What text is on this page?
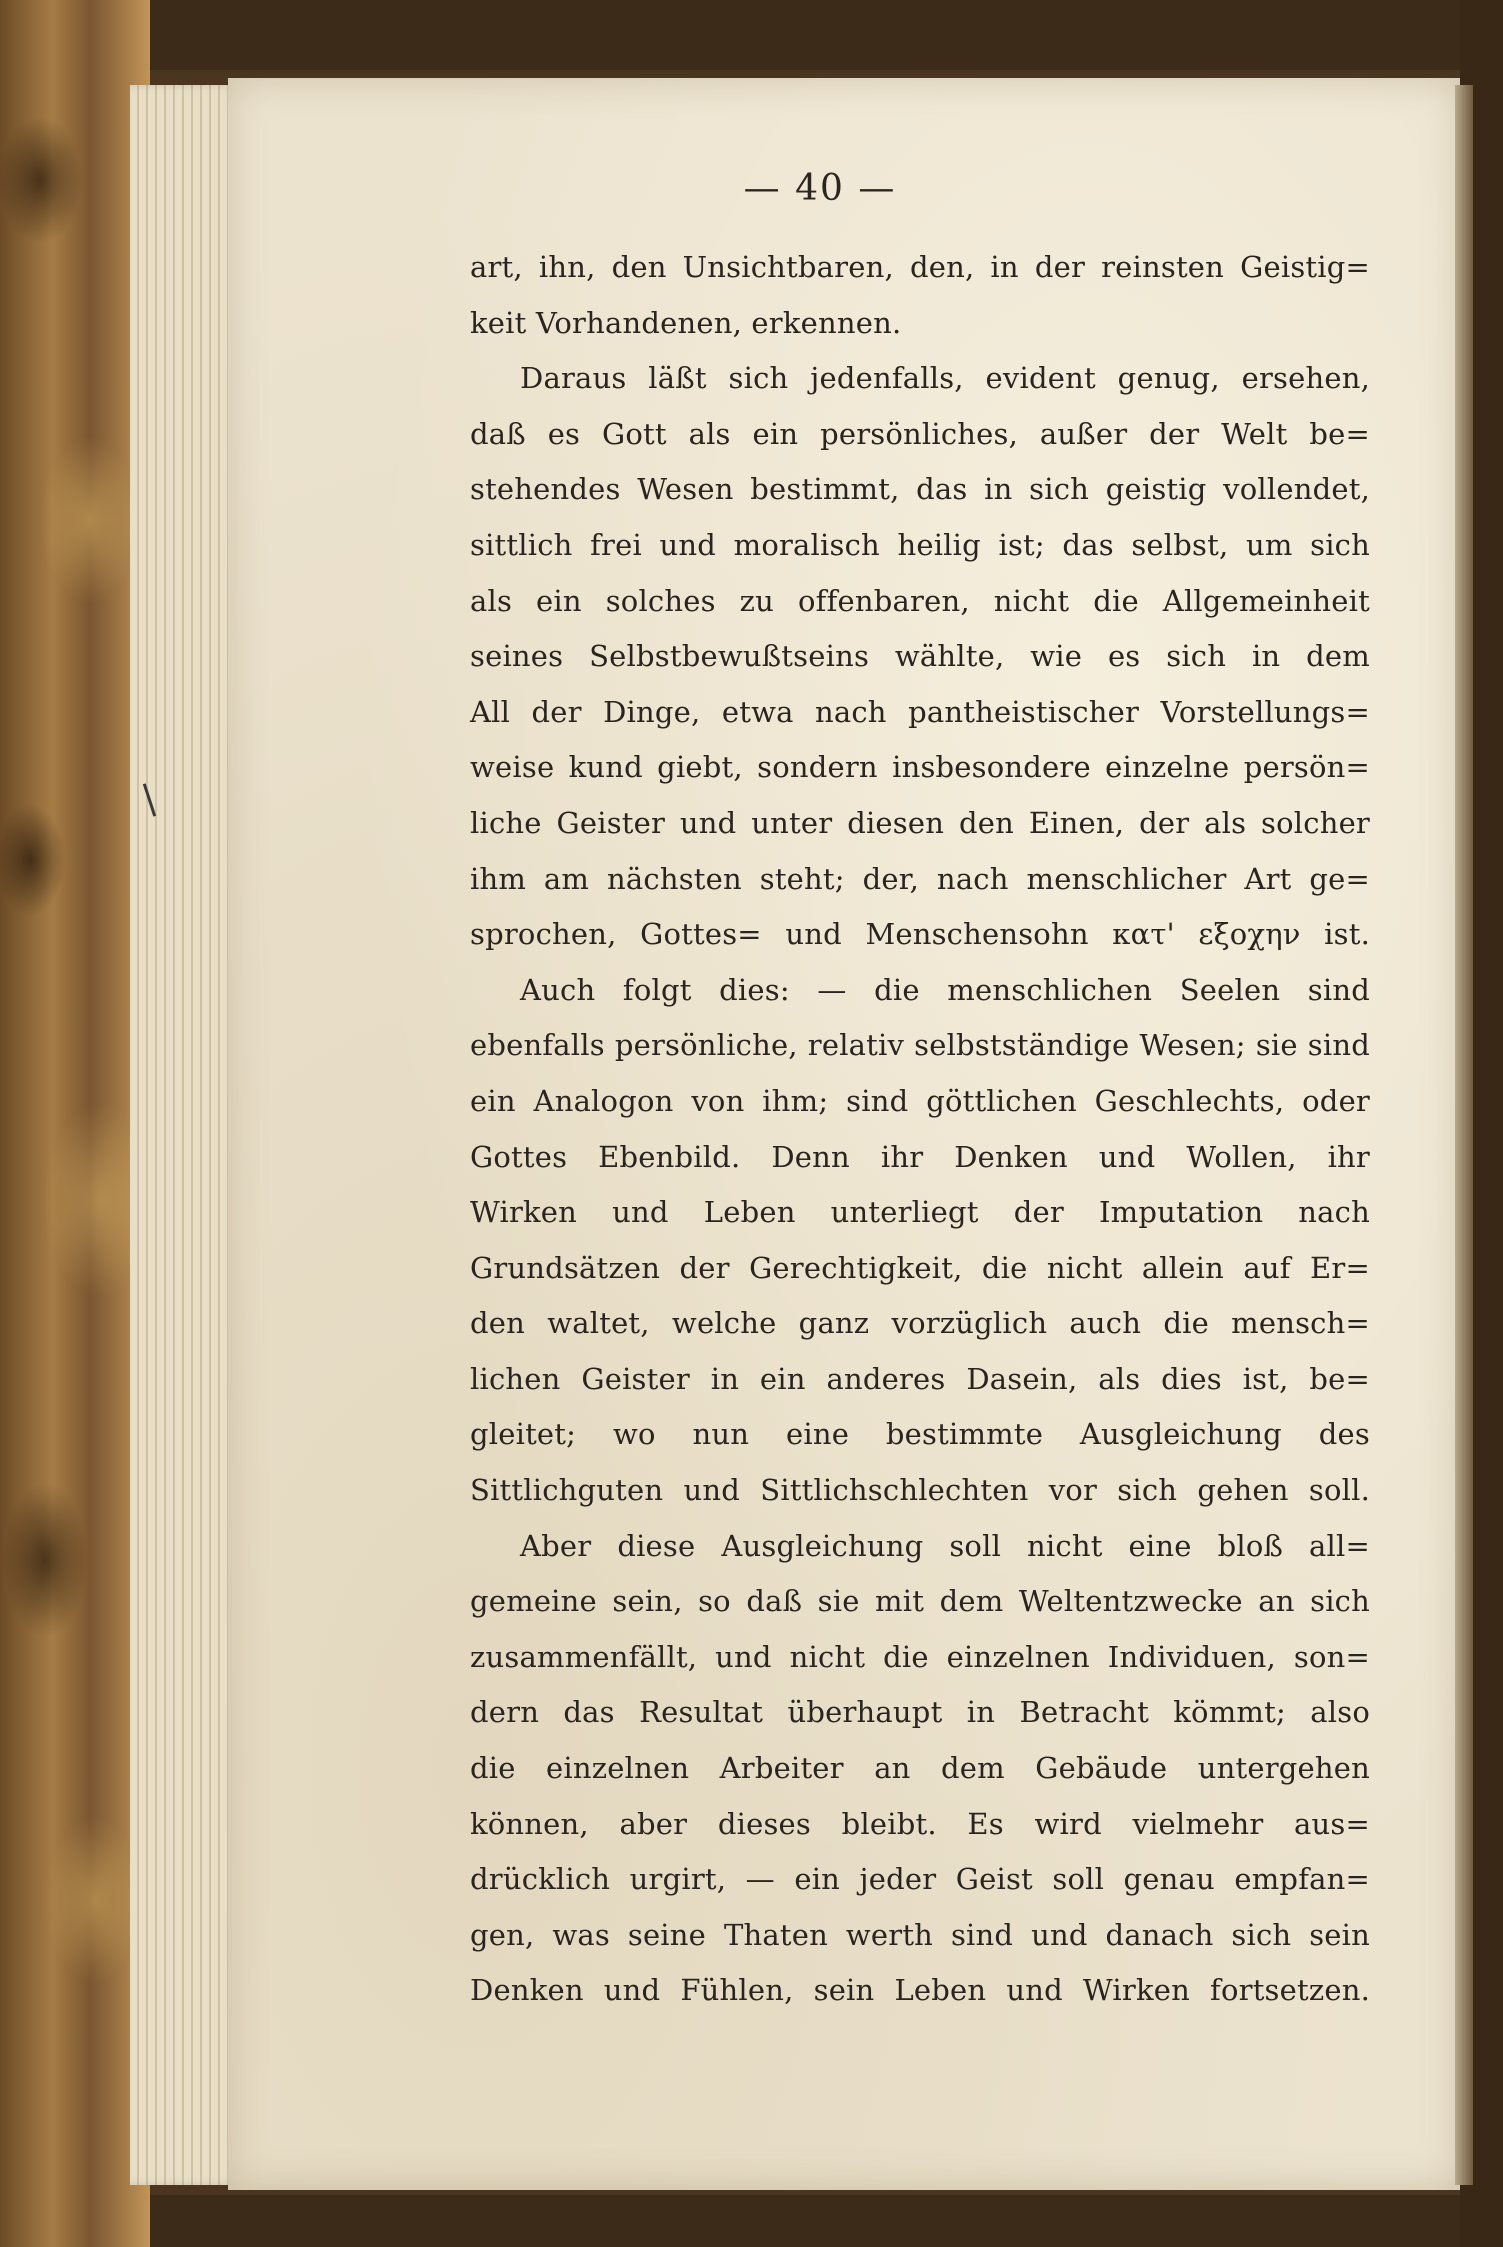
— 40 —
art, ihn, den Unsichtbaren, den, in der reinsten Geistig=
keit Vorhandenen, erkennen.
Daraus läßt sich jedenfalls, evident genug, ersehen,
daß es Gott als ein persönliches, außer der Welt be=
stehendes Wesen bestimmt, das in sich geistig vollendet,
sittlich frei und moralisch heilig ist; das selbst, um sich
als ein solches zu offenbaren, nicht die Allgemeinheit
seines Selbstbewußtseins wählte, wie es sich in dem
All der Dinge, etwa nach pantheistischer Vorstellungs=
weise kund giebt, sondern insbesondere einzelne persön=
liche Geister und unter diesen den Einen, der als solcher
ihm am nächsten steht; der, nach menschlicher Art ge=
sprochen, Gottes= und Menschensohn κατ' εξοχην ist.
Auch folgt dies: — die menschlichen Seelen sind
ebenfalls persönliche, relativ selbstständige Wesen; sie sind
ein Analogon von ihm; sind göttlichen Geschlechts, oder
Gottes Ebenbild. Denn ihr Denken und Wollen, ihr
Wirken und Leben unterliegt der Imputation nach
Grundsätzen der Gerechtigkeit, die nicht allein auf Er=
den waltet, welche ganz vorzüglich auch die mensch=
lichen Geister in ein anderes Dasein, als dies ist, be=
gleitet; wo nun eine bestimmte Ausgleichung des
Sittlichguten und Sittlichschlechten vor sich gehen soll.
Aber diese Ausgleichung soll nicht eine bloß all=
gemeine sein, so daß sie mit dem Weltentzwecke an sich
zusammenfällt, und nicht die einzelnen Individuen, son=
dern das Resultat überhaupt in Betracht kömmt; also
die einzelnen Arbeiter an dem Gebäude untergehen
können, aber dieses bleibt. Es wird vielmehr aus=
drücklich urgirt, — ein jeder Geist soll genau empfan=
gen, was seine Thaten werth sind und danach sich sein
Denken und Fühlen, sein Leben und Wirken fortsetzen.
